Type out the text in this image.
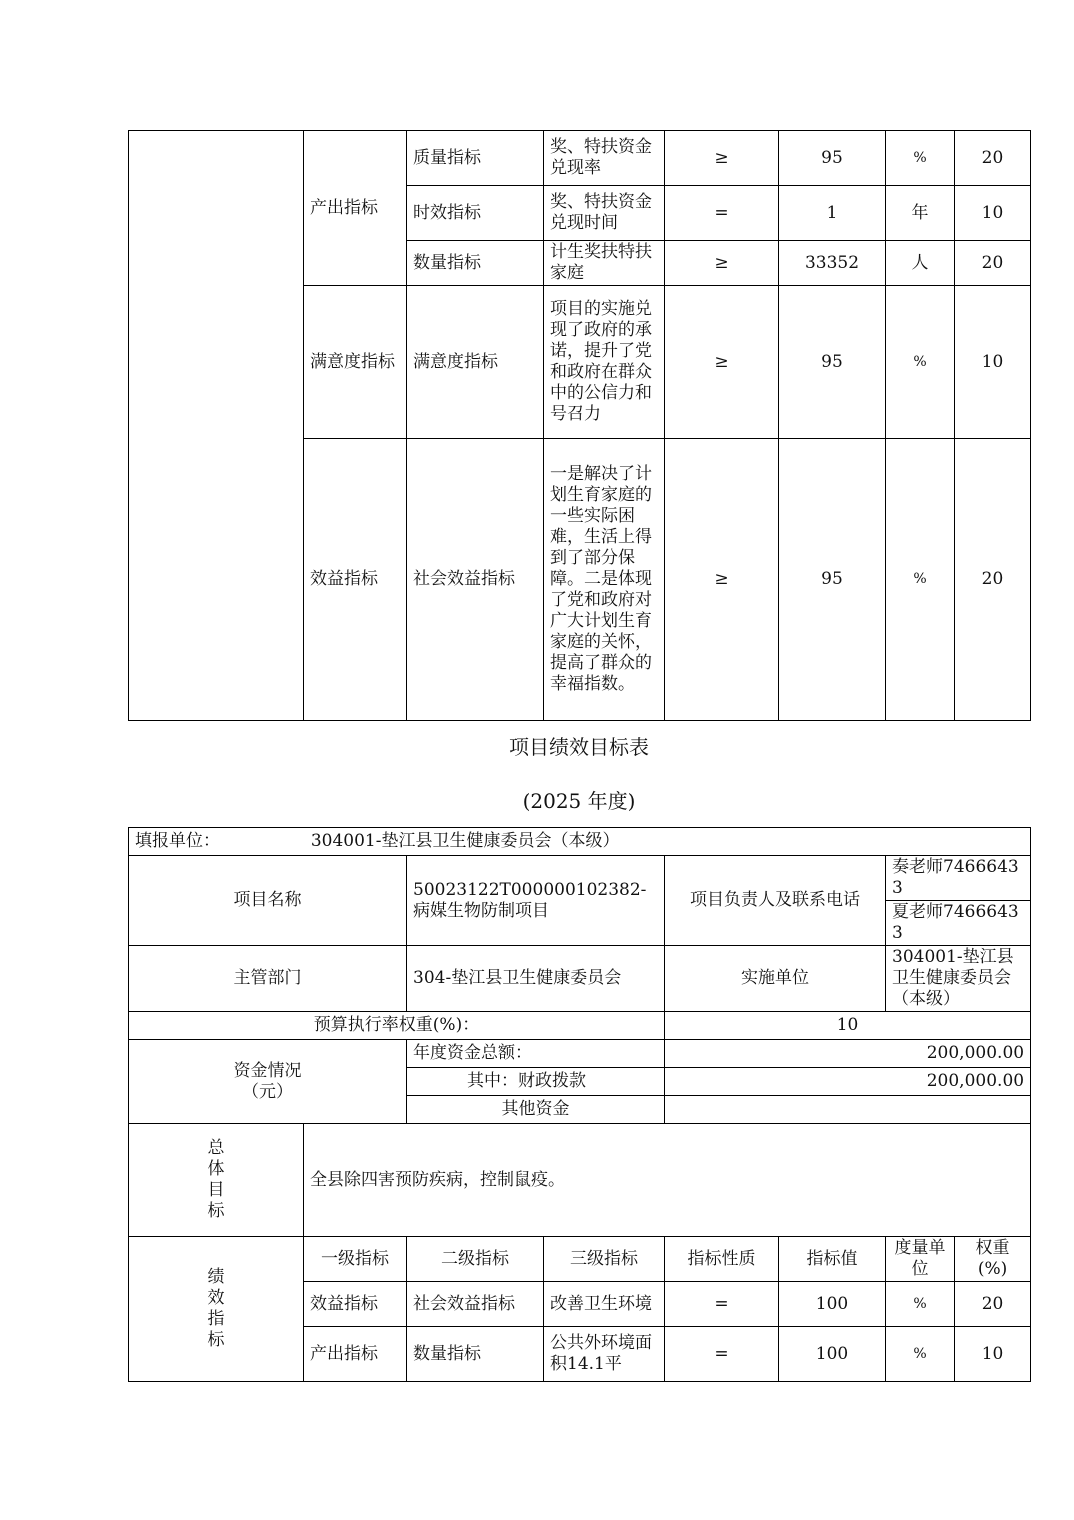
	产出指标	质量指标	奖、特扶资金兑现率	≥	95	%	20
		时效指标	奖、特扶资金兑现时间	=	1	年	10
		数量指标	计生奖扶特扶家庭	≥	33352	人	20
	满意度指标	满意度指标	项目的实施兑现了政府的承诺，提升了党和政府在群众中的公信力和号召力	≥	95	%	10
	效益指标	社会效益指标	一是解决了计划生育家庭的一些实际困难，生活上得到了部分保障。二是体现了党和政府对广大计划生育家庭的关怀，提高了群众的幸福指数。	≥	95	%	20
项目绩效目标表
(2025 年度)
填报单位： 304001-垫江县卫生健康委员会（本级）							
项目名称		50023122T000000102382-病媒生物防制项目		项目负责人及联系电话		奏老师74666433	
						夏老师74666433	
主管部门		304-垫江县卫生健康委员会		实施单位		304001-垫江县卫生健康委员会（本级）	
预算执行率权重(%)：				10			
资金情况（元）		年度资金总额：		200,000.00			
		其中：财政拨款		200,000.00			
		其他资金					
总体目标	全县除四害预防疾病，控制鼠疫。						
绩效指标	一级指标	二级指标	三级指标	指标性质	指标值	度量单位	权重(%)
	效益指标	社会效益指标	改善卫生环境	=	100	%	20
	产出指标	数量指标	公共外环境面积14.1平	=	100	%	10
